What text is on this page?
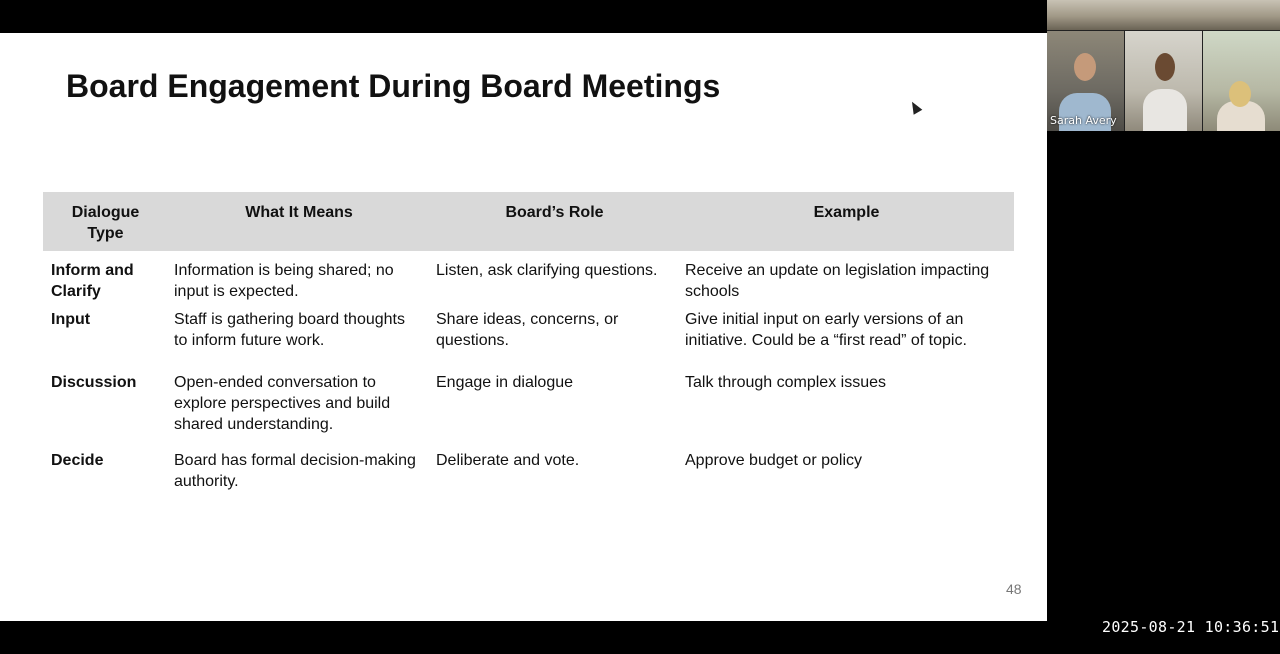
Board Engagement During Board Meetings
Dialogue Type	What It Means	Board’s Role	Example
Inform and Clarify	Information is being shared; no input is expected.	Listen, ask clarifying questions.	Receive an update on legislation impacting schools
Input	Staff is gathering board thoughts to inform future work.	Share ideas, concerns, or questions.	Give initial input on early versions of an initiative. Could be a “first read” of topic.
Discussion	Open-ended conversation to explore perspectives and build shared understanding.	Engage in dialogue	Talk through complex issues
Decide	Board has formal decision-making authority.	Deliberate and vote.	Approve budget or policy
48
Sarah Avery
2025-08-21 10:36:51
